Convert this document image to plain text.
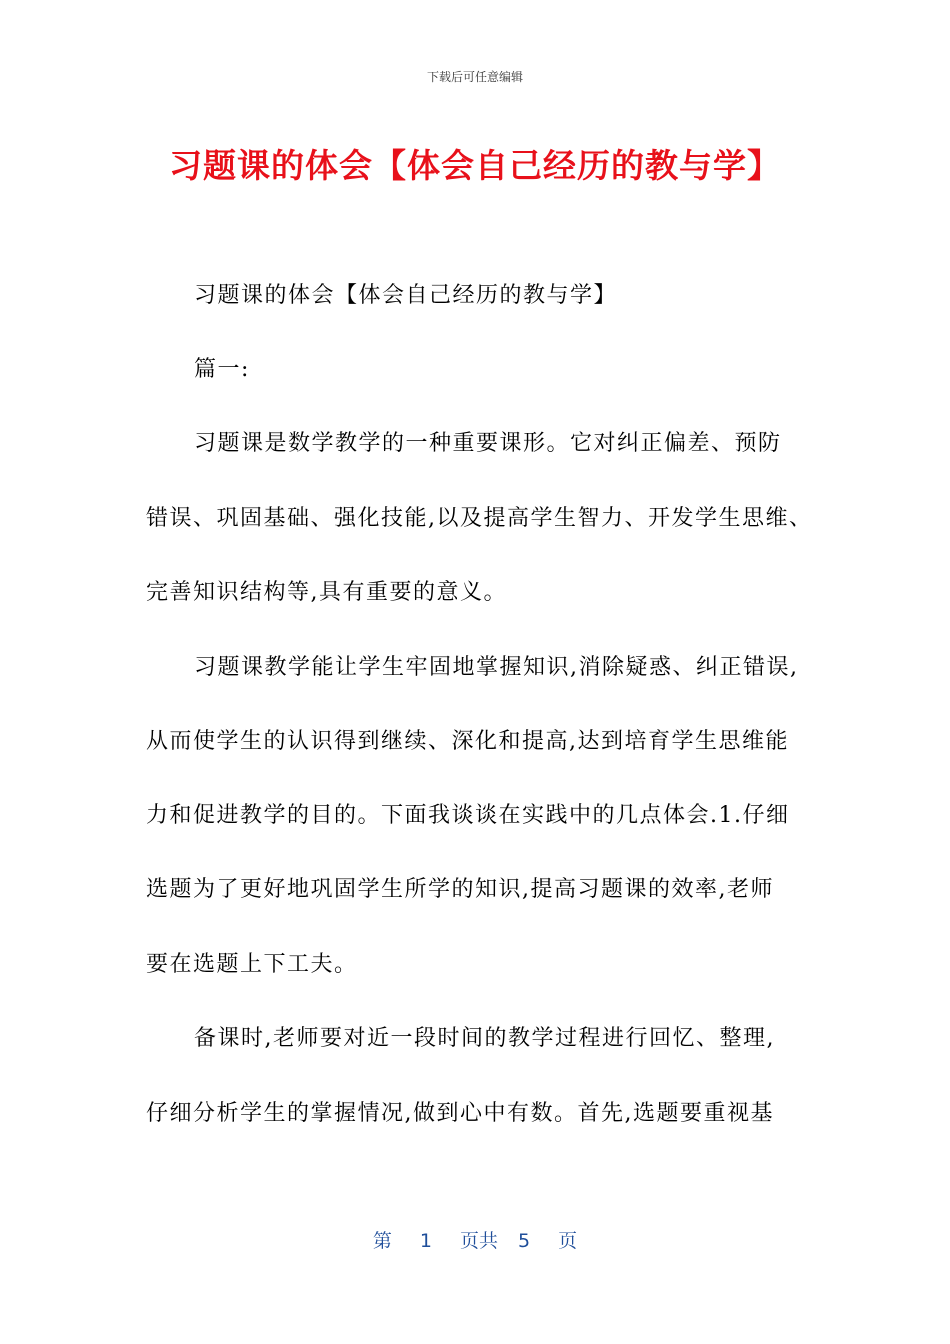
下载后可任意编辑
习题课的体会【体会自己经历的教与学】
习题课的体会【体会自己经历的教与学】
篇一:
习题课是数学教学的一种重要课形。它对纠正偏差、预防
错误、巩固基础、强化技能,以及提高学生智力、开发学生思维、
完善知识结构等,具有重要的意义。
习题课教学能让学生牢固地掌握知识,消除疑惑、纠正错误,
从而使学生的认识得到继续、深化和提高,达到培育学生思维能
力和促进教学的目的。下面我谈谈在实践中的几点体会.1.仔细
选题为了更好地巩固学生所学的知识,提高习题课的效率,老师
要在选题上下工夫。
备课时,老师要对近一段时间的教学过程进行回忆、整理,
仔细分析学生的掌握情况,做到心中有数。首先,选题要重视基
第 1 页共 5 页
